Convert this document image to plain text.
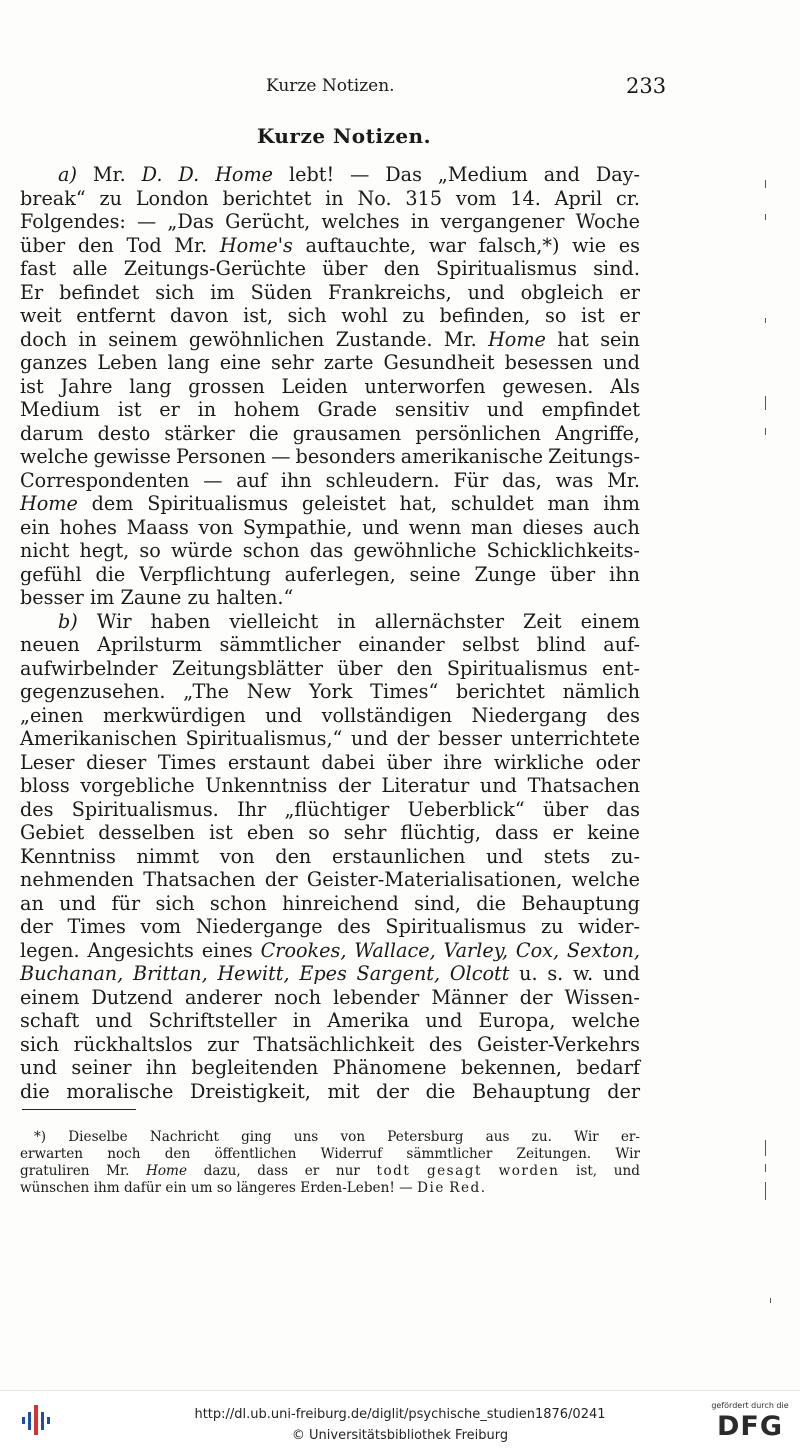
Kurze Notizen.	233
Kurze Notizen.
a) Mr. D. D. Home lebt! — Das „Medium and Day-
break“ zu London berichtet in No. 315 vom 14. April cr.
Folgendes: — „Das Gerücht, welches in vergangener Woche
über den Tod Mr. Home's auftauchte, war falsch,*) wie es
fast alle Zeitungs-Gerüchte über den Spiritualismus sind.
Er befindet sich im Süden Frankreichs, und obgleich er
weit entfernt davon ist, sich wohl zu befinden, so ist er
doch in seinem gewöhnlichen Zustande. Mr. Home hat sein
ganzes Leben lang eine sehr zarte Gesundheit besessen und
ist Jahre lang grossen Leiden unterworfen gewesen. Als
Medium ist er in hohem Grade sensitiv und empfindet
darum desto stärker die grausamen persönlichen Angriffe,
welche gewisse Personen — besonders amerikanische Zeitungs-
Correspondenten — auf ihn schleudern. Für das, was Mr.
Home dem Spiritualismus geleistet hat, schuldet man ihm
ein hohes Maass von Sympathie, und wenn man dieses auch
nicht hegt, so würde schon das gewöhnliche Schicklichkeits-
gefühl die Verpflichtung auferlegen, seine Zunge über ihn
besser im Zaune zu halten.“
b) Wir haben vielleicht in allernächster Zeit einem
neuen Aprilsturm sämmtlicher einander selbst blind auf-
aufwirbelnder Zeitungsblätter über den Spiritualismus ent-
gegenzusehen. „The New York Times“ berichtet nämlich
„einen merkwürdigen und vollständigen Niedergang des
Amerikanischen Spiritualismus,“ und der besser unterrichtete
Leser dieser Times erstaunt dabei über ihre wirkliche oder
bloss vorgebliche Unkenntniss der Literatur und Thatsachen
des Spiritualismus. Ihr „flüchtiger Ueberblick“ über das
Gebiet desselben ist eben so sehr flüchtig, dass er keine
Kenntniss nimmt von den erstaunlichen und stets zu-
nehmenden Thatsachen der Geister-Materialisationen, welche
an und für sich schon hinreichend sind, die Behauptung
der Times vom Niedergange des Spiritualismus zu wider-
legen. Angesichts eines Crookes, Wallace, Varley, Cox, Sexton,
Buchanan, Brittan, Hewitt, Epes Sargent, Olcott u. s. w. und
einem Dutzend anderer noch lebender Männer der Wissen-
schaft und Schriftsteller in Amerika und Europa, welche
sich rückhaltslos zur Thatsächlichkeit des Geister-Verkehrs
und seiner ihn begleitenden Phänomene bekennen, bedarf
die moralische Dreistigkeit, mit der die Behauptung der
*) Dieselbe Nachricht ging uns von Petersburg aus zu. Wir er-
erwarten noch den öffentlichen Widerruf sämmtlicher Zeitungen. Wir
gratuliren Mr. Home dazu, dass er nur todt gesagt worden ist, und
wünschen ihm dafür ein um so längeres Erden-Leben! — Die Red.
http://dl.ub.uni-freiburg.de/diglit/psychische_studien1876/0241
© Universitätsbibliothek Freiburg
gefördert durch die
DFG
